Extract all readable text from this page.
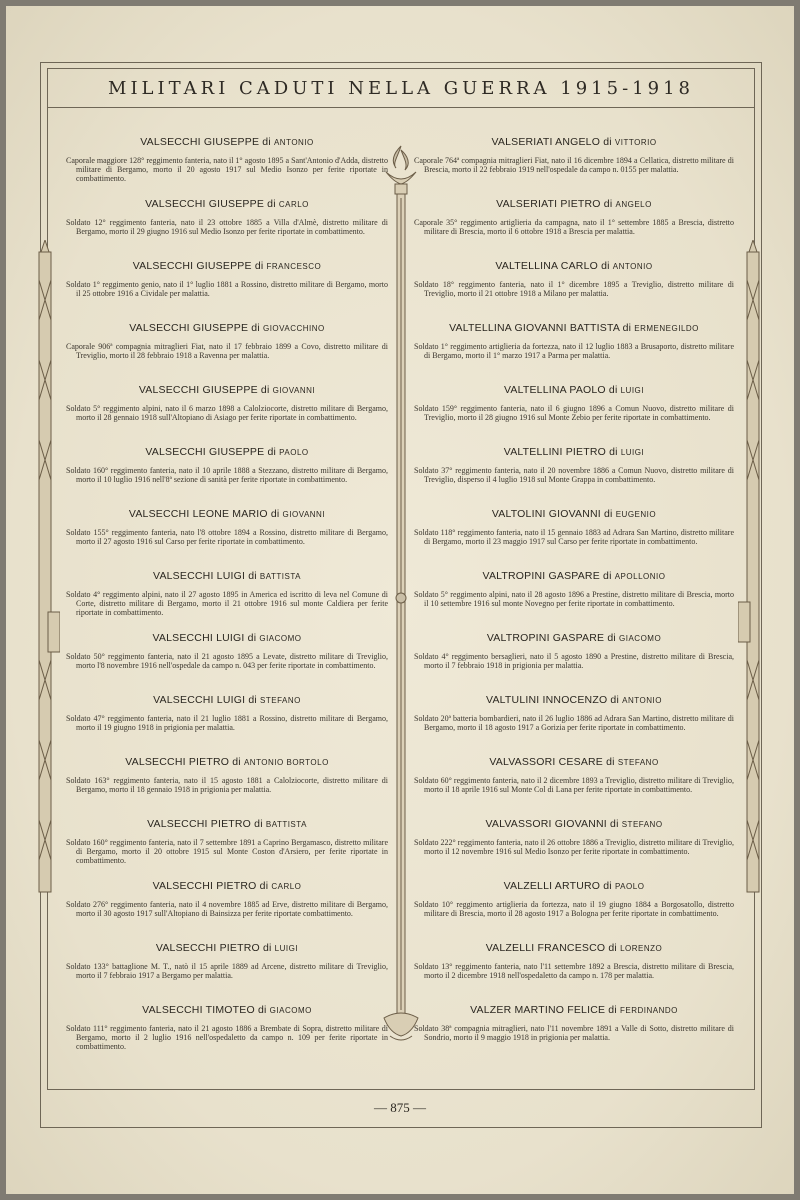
MILITARI CADUTI NELLA GUERRA 1915-1918
VALSECCHI GIUSEPPE di ANTONIO
Caporale maggiore 128° reggimento fanteria, nato il 1° agosto 1895 a Sant'Antonio d'Adda, distretto militare di Bergamo, morto il 20 agosto 1917 sul Medio Isonzo per ferite riportate in combattimento.
VALSECCHI GIUSEPPE di CARLO
Soldato 12° reggimento fanteria, nato il 23 ottobre 1885 a Villa d'Almè, distretto militare di Bergamo, morto il 29 giugno 1916 sul Medio Isonzo per ferite riportate in combattimento.
VALSECCHI GIUSEPPE di FRANCESCO
Soldato 1° reggimento genio, nato il 1° luglio 1881 a Rossino, distretto militare di Bergamo, morto il 25 ottobre 1916 a Cividale per malattia.
VALSECCHI GIUSEPPE di GIOVACCHINO
Caporale 906ª compagnia mitraglieri Fiat, nato il 17 febbraio 1899 a Covo, distretto militare di Treviglio, morto il 28 febbraio 1918 a Ravenna per malattia.
VALSECCHI GIUSEPPE di GIOVANNI
Soldato 5° reggimento alpini, nato il 6 marzo 1898 a Calolziocorte, distretto militare di Bergamo, morto il 28 gennaio 1918 sull'Altopiano di Asiago per ferite riportate in combattimento.
VALSECCHI GIUSEPPE di PAOLO
Soldato 160° reggimento fanteria, nato il 10 aprile 1888 a Stezzano, distretto militare di Bergamo, morto il 10 luglio 1916 nell'8ª sezione di sanità per ferite riportate in combattimento.
VALSECCHI LEONE MARIO di GIOVANNI
Soldato 155° reggimento fanteria, nato l'8 ottobre 1894 a Rossino, distretto militare di Bergamo, morto il 27 agosto 1916 sul Carso per ferite riportate in combattimento.
VALSECCHI LUIGI di BATTISTA
Soldato 4° reggimento alpini, nato il 27 agosto 1895 in America ed iscritto di leva nel Comune di Corte, distretto militare di Bergamo, morto il 21 ottobre 1916 sul monte Caldiera per ferite riportate in combattimento.
VALSECCHI LUIGI di GIACOMO
Soldato 50° reggimento fanteria, nato il 21 agosto 1895 a Levate, distretto militare di Treviglio, morto l'8 novembre 1916 nell'ospedale da campo n. 043 per ferite riportate in combattimento.
VALSECCHI LUIGI di STEFANO
Soldato 47° reggimento fanteria, nato il 21 luglio 1881 a Rossino, distretto militare di Bergamo, morto il 19 giugno 1918 in prigionia per malattia.
VALSECCHI PIETRO di ANTONIO BORTOLO
Soldato 163° reggimento fanteria, nato il 15 agosto 1881 a Calolziocorte, distretto militare di Bergamo, morto il 18 gennaio 1918 in prigionia per malattia.
VALSECCHI PIETRO di BATTISTA
Soldato 160° reggimento fanteria, nato il 7 settembre 1891 a Caprino Bergamasco, distretto militare di Bergamo, morto il 20 ottobre 1915 sul Monte Coston d'Arsiero, per ferite riportate in combattimento.
VALSECCHI PIETRO di CARLO
Soldato 276° reggimento fanteria, nato il 4 novembre 1885 ad Erve, distretto militare di Bergamo, morto il 30 agosto 1917 sull'Altopiano di Bainsizza per ferite riportate combattimento.
VALSECCHI PIETRO di LUIGI
Soldato 133° battaglione M. T., natò il 15 aprile 1889 ad Arcene, distretto militare di Treviglio, morto il 7 febbraio 1917 a Bergamo per malattia.
VALSECCHI TIMOTEO di GIACOMO
Soldato 111° reggimento fanteria, nato il 21 agosto 1886 a Brembate di Sopra, distretto militare di Bergamo, morto il 2 luglio 1916 nell'ospedaletto da campo n. 109 per ferite riportate in combattimento.
VALSERIATI ANGELO di VITTORIO
Caporale 764ª compagnia mitraglieri Fiat, nato il 16 dicembre 1894 a Cellatica, distretto militare di Brescia, morto il 22 febbraio 1919 nell'ospedale da campo n. 0155 per malattia.
VALSERIATI PIETRO di ANGELO
Caporale 35° reggimento artiglieria da campagna, nato il 1° settembre 1885 a Brescia, distretto militare di Brescia, morto il 6 ottobre 1918 a Brescia per malattia.
VALTELLINA CARLO di ANTONIO
Soldato 18° reggimento fanteria, nato il 1° dicembre 1895 a Treviglio, distretto militare di Treviglio, morto il 21 ottobre 1918 a Milano per malattia.
VALTELLINA GIOVANNI BATTISTA di ERMENEGILDO
Soldato 1° reggimento artiglieria da fortezza, nato il 12 luglio 1883 a Brusaporto, distretto militare di Bergamo, morto il 1° marzo 1917 a Parma per malattia.
VALTELLINA PAOLO di LUIGI
Soldato 159° reggimento fanteria, nato il 6 giugno 1896 a Comun Nuovo, distretto militare di Treviglio, morto il 28 giugno 1916 sul Monte Zebio per ferite riportate in combattimento.
VALTELLINI PIETRO di LUIGI
Soldato 37° reggimento fanteria, nato il 20 novembre 1886 a Comun Nuovo, distretto militare di Treviglio, disperso il 4 luglio 1918 sul Monte Grappa in combattimento.
VALTOLINI GIOVANNI di EUGENIO
Soldato 118° reggimento fanteria, nato il 15 gennaio 1883 ad Adrara San Martino, distretto militare di Bergamo, morto il 23 maggio 1917 sul Carso per ferite riportate in combattimento.
VALTROPINI GASPARE di APOLLONIO
Soldato 5° reggimento alpini, nato il 28 agosto 1896 a Prestine, distretto militare di Brescia, morto il 10 settembre 1916 sul monte Novegno per ferite riportate in combattimento.
VALTROPINI GASPARE di GIACOMO
Soldato 4° reggimento bersaglieri, nato il 5 agosto 1890 a Prestine, distretto militare di Brescia, morto il 7 febbraio 1918 in prigionia per malattia.
VALTULINI INNOCENZO di ANTONIO
Soldato 20ª batteria bombardieri, nato il 26 luglio 1886 ad Adrara San Martino, distretto militare di Bergamo, morto il 18 agosto 1917 a Gorizia per ferite riportate in combattimento.
VALVASSORI CESARE di STEFANO
Soldato 60° reggimento fanteria, nato il 2 dicembre 1893 a Treviglio, distretto militare di Treviglio, morto il 18 aprile 1916 sul Monte Col di Lana per ferite riportate in combattimento.
VALVASSORI GIOVANNI di STEFANO
Soldato 222° reggimento fanteria, nato il 26 ottobre 1886 a Treviglio, distretto militare di Treviglio, morto il 12 novembre 1916 sul Medio Isonzo per ferite riportate in combattimento.
VALZELLI ARTURO di PAOLO
Soldato 10° reggimento artiglieria da fortezza, nato il 19 giugno 1884 a Borgosatollo, distretto militare di Brescia, morto il 28 agosto 1917 a Bologna per ferite riportate in combattimento.
VALZELLI FRANCESCO di LORENZO
Soldato 13° reggimento fanteria, nato l'11 settembre 1892 a Brescia, distretto militare di Brescia, morto il 2 dicembre 1918 nell'ospedaletto da campo n. 178 per malattia.
VALZER MARTINO FELICE di FERDINANDO
Soldato 38ª compagnia mitraglieri, nato l'11 novembre 1891 a Valle di Sotto, distretto militare di Sondrio, morto il 9 maggio 1918 in prigionia per malattia.
— 875 —
